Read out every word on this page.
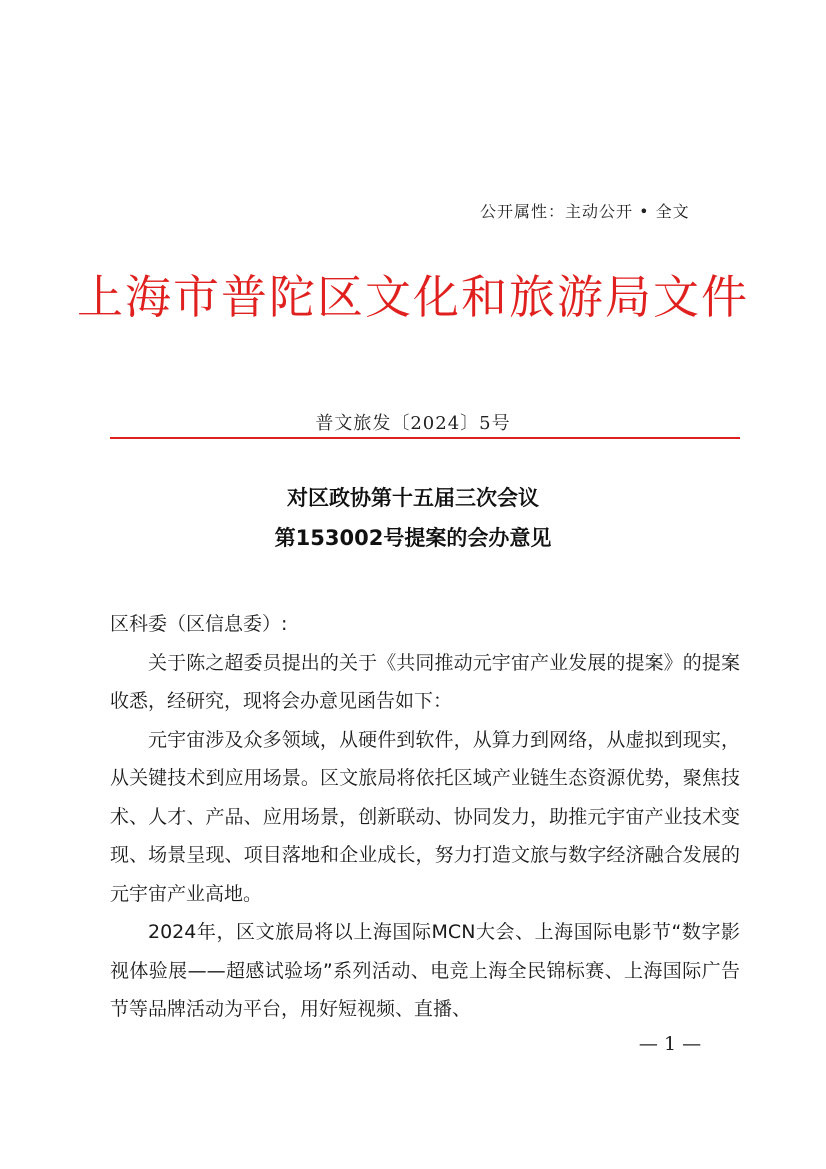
公开属性：主动公开 • 全文
上海市普陀区文化和旅游局文件
普文旅发〔2024〕5号
对区政协第十五届三次会议
第153002号提案的会办意见
区科委（区信息委）:

关于陈之超委员提出的关于《共同推动元宇宙产业发展的提案》的提案收悉，经研究，现将会办意见函告如下：

元宇宙涉及众多领域，从硬件到软件，从算力到网络，从虚拟到现实，从关键技术到应用场景。区文旅局将依托区域产业链生态资源优势，聚焦技术、人才、产品、应用场景，创新联动、协同发力，助推元宇宙产业技术变现、场景呈现、项目落地和企业成长，努力打造文旅与数字经济融合发展的元宇宙产业高地。

2024年，区文旅局将以上海国际MCN大会、上海国际电影节“数字影视体验展——超感试验场”系列活动、电竞上海全民锦标赛、上海国际广告节等品牌活动为平台，用好短视频、直播、

— 1 —
